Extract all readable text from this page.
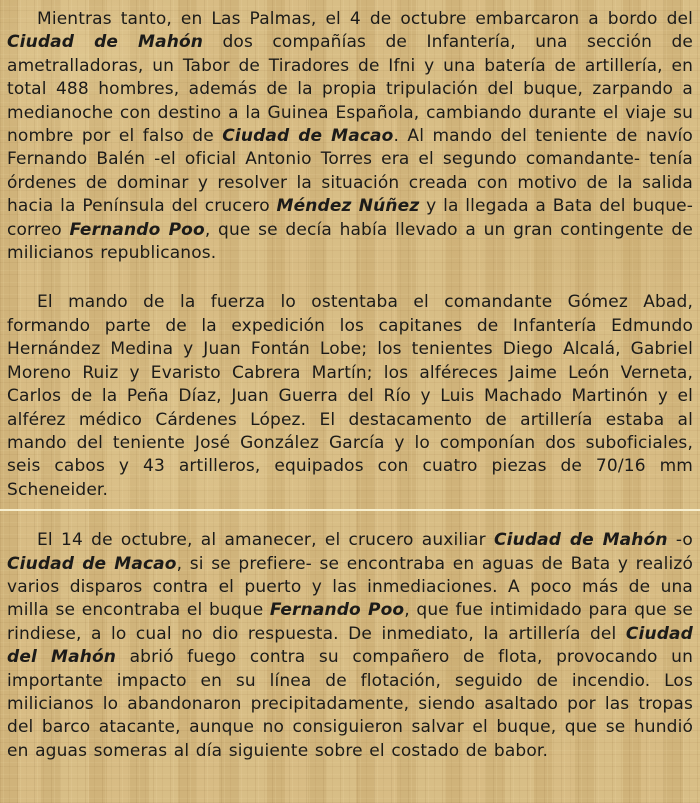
Mientras tanto, en Las Palmas, el 4 de octubre embarcaron a bordo del Ciudad de Mahón dos compañías de Infantería, una sección de ametralladoras, un Tabor de Tiradores de Ifni y una batería de artillería, en total 488 hombres, además de la propia tripulación del buque, zarpando a medianoche con destino a la Guinea Española, cambiando durante el viaje su nombre por el falso de Ciudad de Macao. Al mando del teniente de navío Fernando Balén -el oficial Antonio Torres era el segundo comandante- tenía órdenes de dominar y resolver la situación creada con motivo de la salida hacia la Península del crucero Méndez Núñez y la llegada a Bata del buque-correo Fernando Poo, que se decía había llevado a un gran contingente de milicianos republicanos.

El mando de la fuerza lo ostentaba el comandante Gómez Abad, formando parte de la expedición los capitanes de Infantería Edmundo Hernández Medina y Juan Fontán Lobe; los tenientes Diego Alcalá, Gabriel Moreno Ruiz y Evaristo Cabrera Martín; los alféreces Jaime León Verneta, Carlos de la Peña Díaz, Juan Guerra del Río y Luis Machado Martinón y el alférez médico Cárdenes López. El destacamento de artillería estaba al mando del teniente José González García y lo componían dos suboficiales, seis cabos y 43 artilleros, equipados con cuatro piezas de 70/16 mm Scheneider.

El 14 de octubre, al amanecer, el crucero auxiliar Ciudad de Mahón -o Ciudad de Macao, si se prefiere- se encontraba en aguas de Bata y realizó varios disparos contra el puerto y las inmediaciones. A poco más de una milla se encontraba el buque Fernando Poo, que fue intimidado para que se rindiese, a lo cual no dio respuesta. De inmediato, la artillería del Ciudad del Mahón abrió fuego contra su compañero de flota, provocando un importante impacto en su línea de flotación, seguido de incendio. Los milicianos lo abandonaron precipitadamente, siendo asaltado por las tropas del barco atacante, aunque no consiguieron salvar el buque, que se hundió en aguas someras al día siguiente sobre el costado de babor.
